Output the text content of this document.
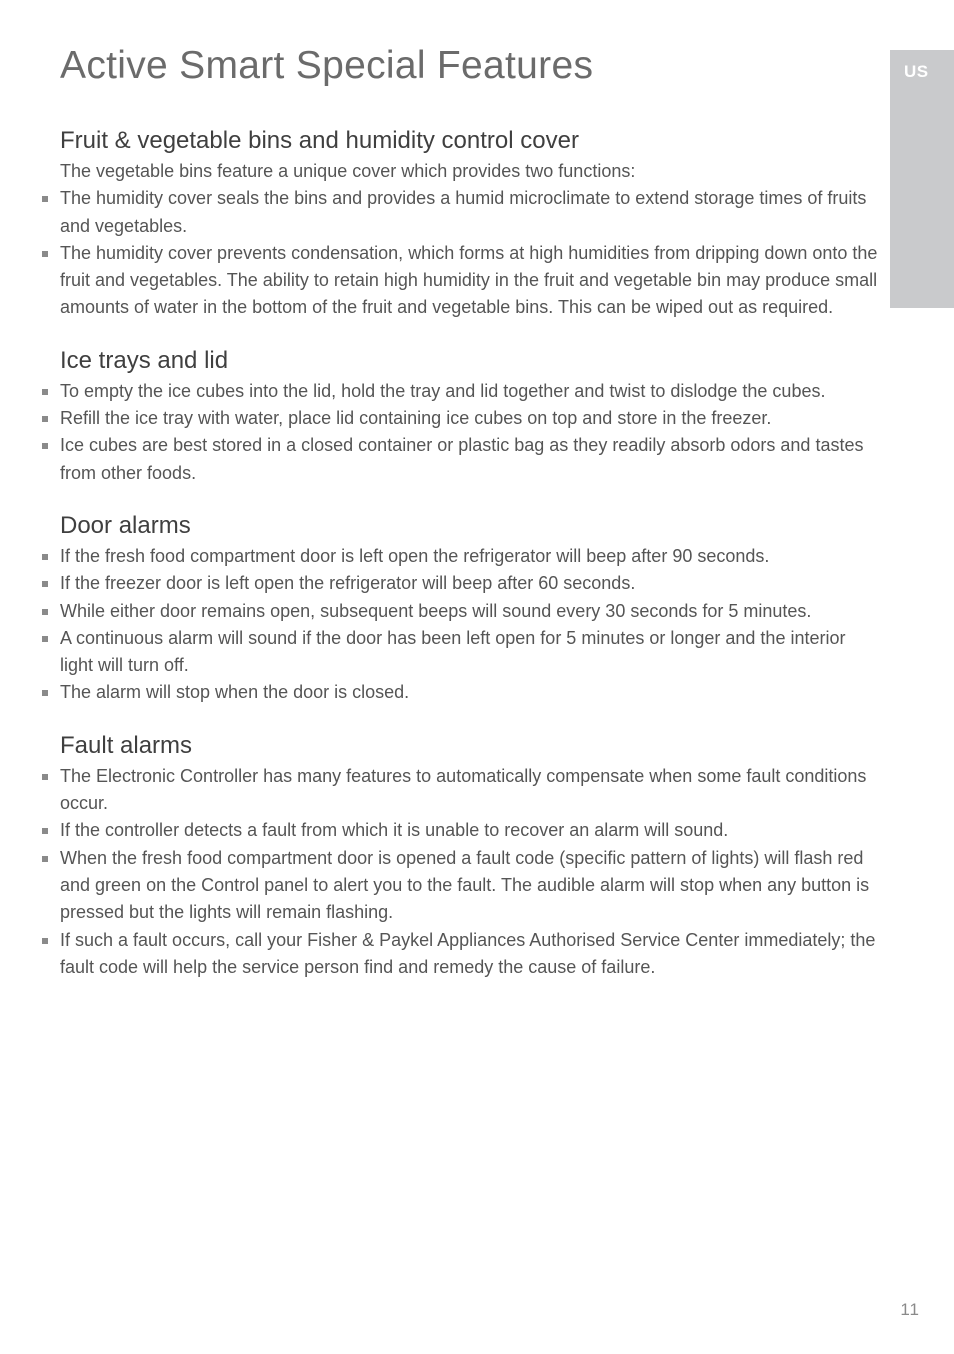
US
Active Smart Special Features
Fruit & vegetable bins and humidity control cover

The vegetable bins feature a unique cover which provides two functions:

The humidity cover seals the bins and provides a humid microclimate to extend storage times of fruits and vegetables.
The humidity cover prevents condensation, which forms at high humidities from dripping down onto the fruit and vegetables. The ability to retain high humidity in the fruit and vegetable bin may produce small amounts of water in the bottom of the fruit and vegetable bins. This can be wiped out as required.
Ice trays and lid
To empty the ice cubes into the lid, hold the tray and lid together and twist to dislodge the cubes.
Refill the ice tray with water, place lid containing ice cubes on top and store in the freezer.
Ice cubes are best stored in a closed container or plastic bag as they readily absorb odors and tastes from other foods.
Door alarms
If the fresh food compartment door is left open the refrigerator will beep after 90 seconds.
If the freezer door is left open the refrigerator will beep after 60 seconds.
While either door remains open, subsequent beeps will sound every 30 seconds for 5 minutes.
A continuous alarm will sound if the door has been left open for 5 minutes or longer and the interior light will turn off.
The alarm will stop when the door is closed.
Fault alarms
The Electronic Controller has many features to automatically compensate when some fault conditions occur.
If the controller detects a fault from which it is unable to recover an alarm will sound.
When the fresh food compartment door is opened a fault code (specific pattern of lights) will flash red and green on the Control panel to alert you to the fault. The audible alarm will stop when any button is pressed but the lights will remain flashing.
If such a fault occurs, call your Fisher & Paykel Appliances Authorised Service Center immediately; the fault code will help the service person find and remedy the cause of failure.
11
